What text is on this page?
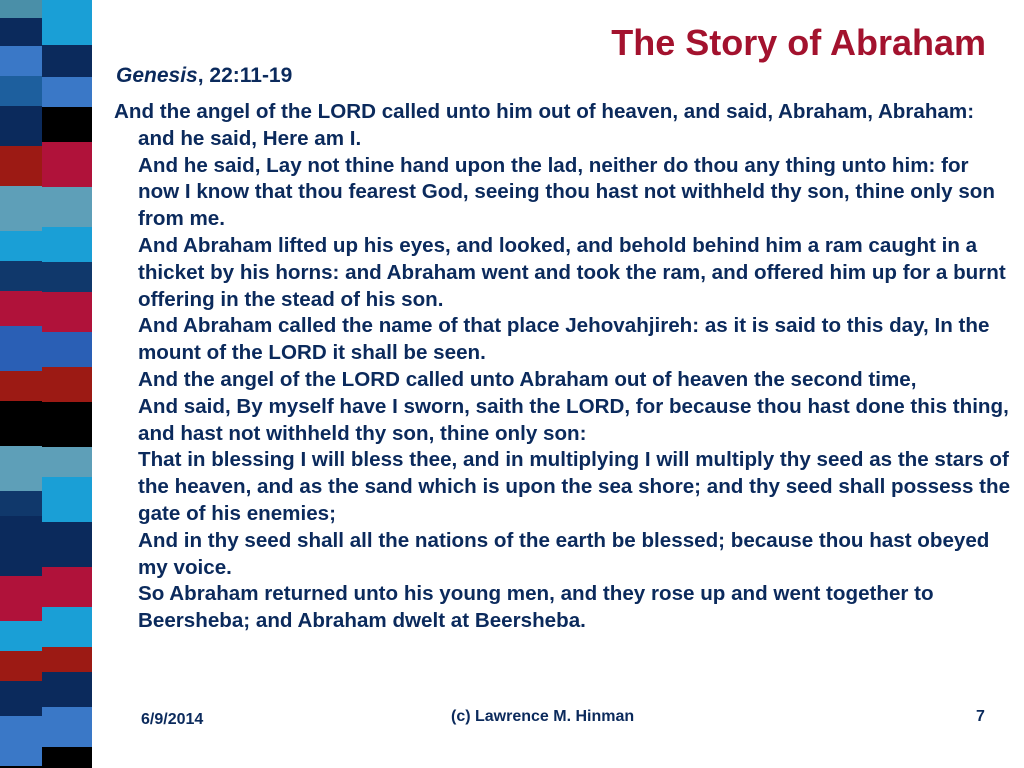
The Story of Abraham
Genesis, 22:11-19

And the angel of the LORD called unto him out of heaven, and said, Abraham, Abraham: and he said, Here am I.

And he said, Lay not thine hand upon the lad, neither do thou any thing unto him: for now I know that thou fearest God, seeing thou hast not withheld thy son, thine only son from me.

And Abraham lifted up his eyes, and looked, and behold behind him a ram caught in a thicket by his horns: and Abraham went and took the ram, and offered him up for a burnt offering in the stead of his son.

And Abraham called the name of that place Jehovahjireh: as it is said to this day, In the mount of the LORD it shall be seen.

And the angel of the LORD called unto Abraham out of heaven the second time,

And said, By myself have I sworn, saith the LORD, for because thou hast done this thing, and hast not withheld thy son, thine only son:

That in blessing I will bless thee, and in multiplying I will multiply thy seed as the stars of the heaven, and as the sand which is upon the sea shore; and thy seed shall possess the gate of his enemies;

And in thy seed shall all the nations of the earth be blessed; because thou hast obeyed my voice.

So Abraham returned unto his young men, and they rose up and went together to Beersheba; and Abraham dwelt at Beersheba.

6/9/2014	(c) Lawrence M. Hinman	7
